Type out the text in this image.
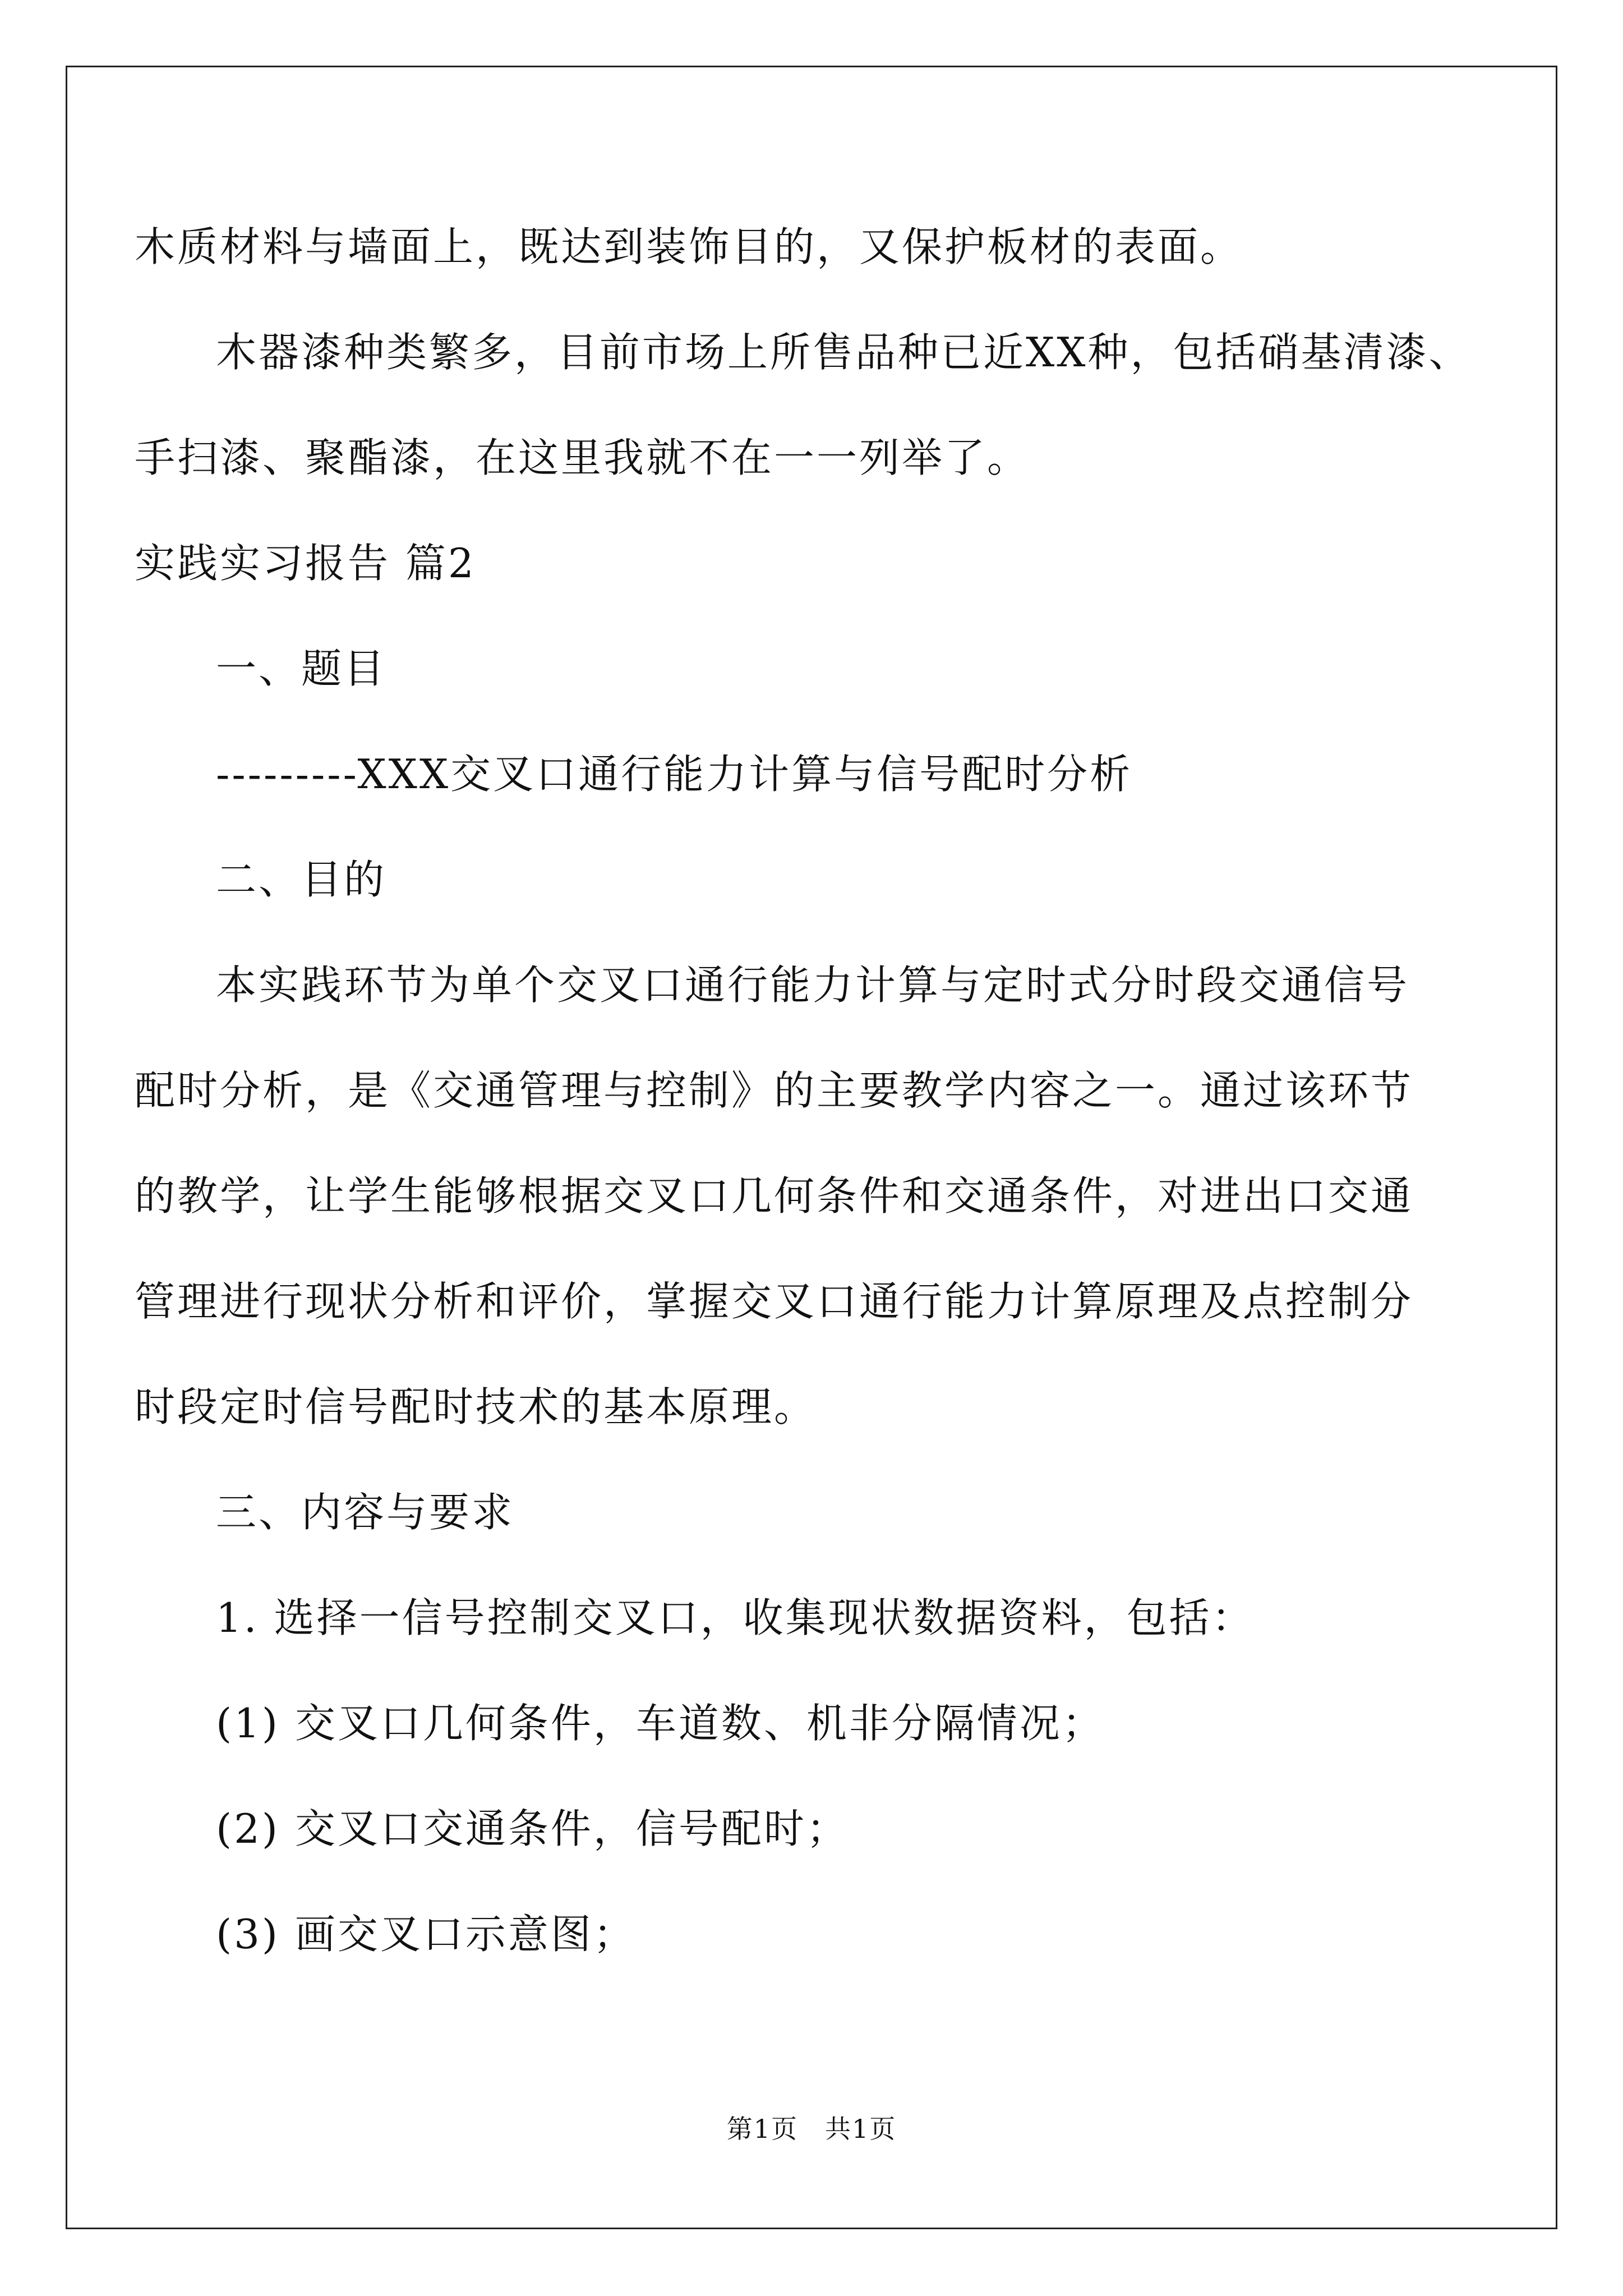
木质材料与墙面上，既达到装饰目的，又保护板材的表面。
木器漆种类繁多，目前市场上所售品种已近XX种，包括硝基清漆、
手扫漆、聚酯漆，在这里我就不在一一列举了。
实践实习报告 篇2
一、题目
---------XXX交叉口通行能力计算与信号配时分析
二、目的
本实践环节为单个交叉口通行能力计算与定时式分时段交通信号
配时分析，是《交通管理与控制》的主要教学内容之一。通过该环节
的教学，让学生能够根据交叉口几何条件和交通条件，对进出口交通
管理进行现状分析和评价，掌握交叉口通行能力计算原理及点控制分
时段定时信号配时技术的基本原理。
三、内容与要求
1. 选择一信号控制交叉口，收集现状数据资料，包括：
(1) 交叉口几何条件，车道数、机非分隔情况；
(2) 交叉口交通条件，信号配时；
(3) 画交叉口示意图；
第1页　共1页
